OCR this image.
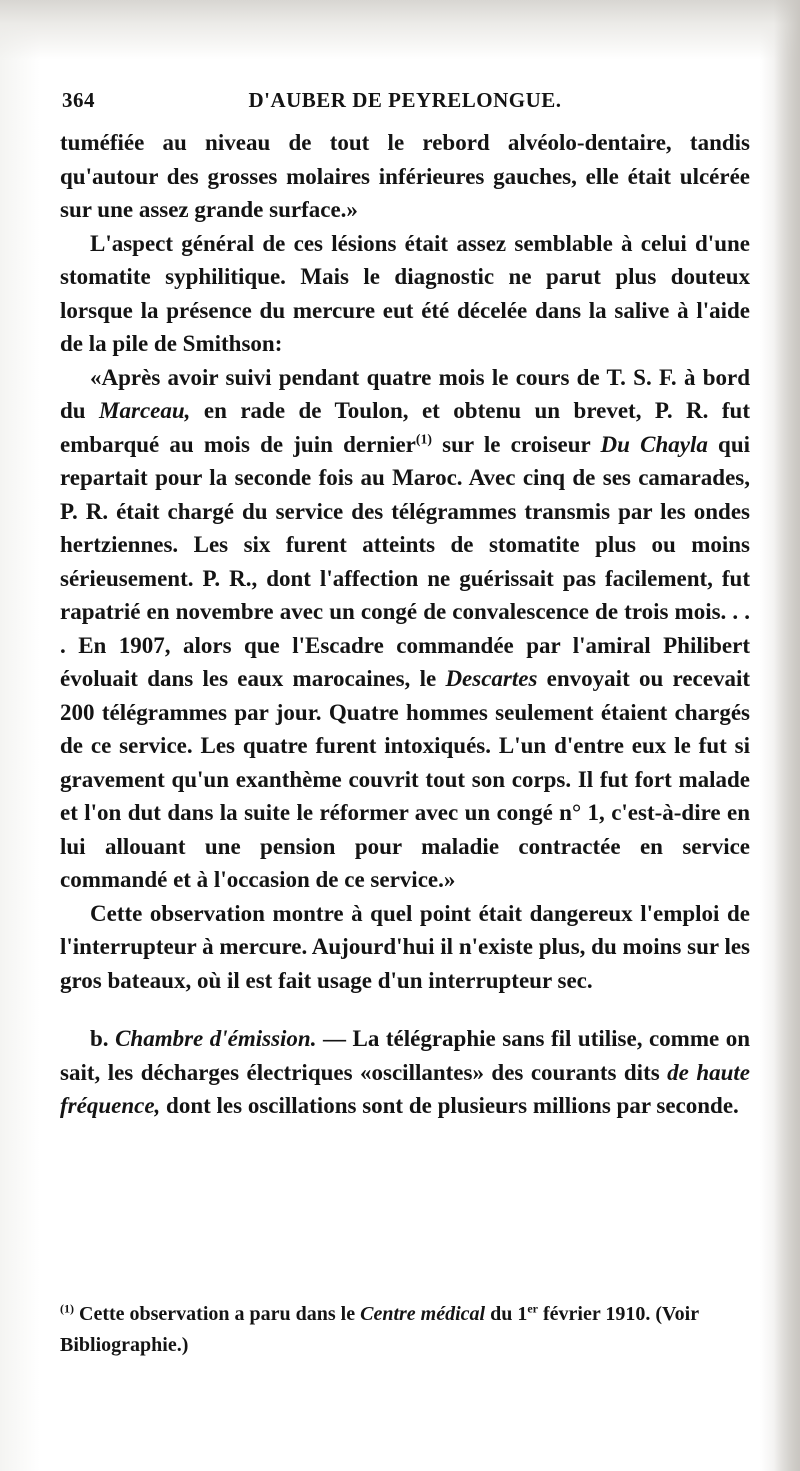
364	D'AUBER DE PEYRELONGUE.

tuméfiée au niveau de tout le rebord alvéolo-dentaire, tandis qu'autour des grosses molaires inférieures gauches, elle était ulcérée sur une assez grande surface.»

L'aspect général de ces lésions était assez semblable à celui d'une stomatite syphilitique. Mais le diagnostic ne parut plus douteux lorsque la présence du mercure eut été décelée dans la salive à l'aide de la pile de Smithson:

«Après avoir suivi pendant quatre mois le cours de T. S. F. à bord du Marceau, en rade de Toulon, et obtenu un brevet, P. R. fut embarqué au mois de juin dernier$^{(1)}$ sur le croiseur Du Chayla qui repartait pour la seconde fois au Maroc. Avec cinq de ses camarades, P. R. était chargé du service des télégrammes transmis par les ondes hertziennes. Les six furent atteints de stomatite plus ou moins sérieusement. P. R., dont l'affection ne guérissait pas facilement, fut rapatrié en novembre avec un congé de convalescence de trois mois. . . . En 1907, alors que l'Escadre commandée par l'amiral Philibert évoluait dans les eaux marocaines, le Descartes envoyait ou recevait 200 télégrammes par jour. Quatre hommes seulement étaient chargés de ce service. Les quatre furent intoxiqués. L'un d'entre eux le fut si gravement qu'un exanthème couvrit tout son corps. Il fut fort malade et l'on dut dans la suite le réformer avec un congé n° 1, c'est-à-dire en lui allouant une pension pour maladie contractée en service commandé et à l'occasion de ce service.»

Cette observation montre à quel point était dangereux l'emploi de l'interrupteur à mercure. Aujourd'hui il n'existe plus, du moins sur les gros bateaux, où il est fait usage d'un interrupteur sec.

b. Chambre d'émission. — La télégraphie sans fil utilise, comme on sait, les décharges électriques «oscillantes» des courants dits de haute fréquence, dont les oscillations sont de plusieurs millions par seconde.

$^{(1)}$ Cette observation a paru dans le Centre médical du 1er février 1910. (Voir Bibliographie.)
